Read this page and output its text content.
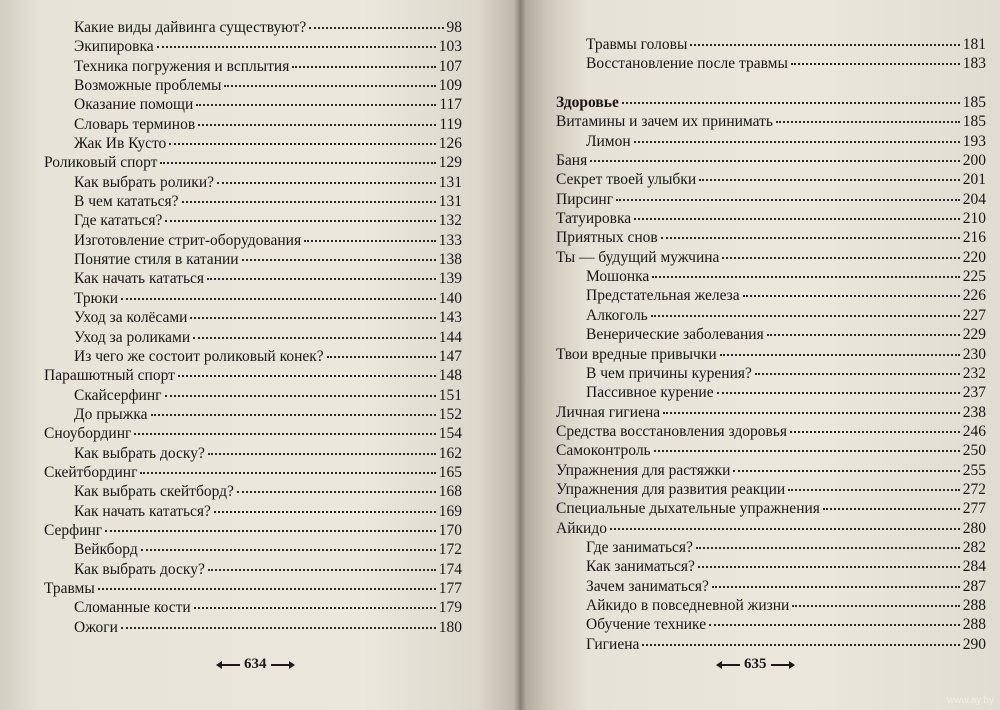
Какие виды дайвинга существуют?	98
Экипировка	103
Техника погружения и всплытия	107
Возможные проблемы	109
Оказание помощи	117
Словарь терминов	119
Жак Ив Кусто	126
Роликовый спорт	129
Как выбрать ролики?	131
В чем кататься?	131
Где кататься?	132
Изготовление стрит-оборудования	133
Понятие стиля в катании	138
Как начать кататься	139
Трюки	140
Уход за колёсами	143
Уход за роликами	144
Из чего же состоит роликовый конек?	147
Парашютный спорт	148
Скайсерфинг	151
До прыжка	152
Сноубординг	154
Как выбрать доску?	162
Скейтбординг	165
Как выбрать скейтборд?	168
Как начать кататься?	169
Серфинг	170
Вейкборд	172
Как выбрать доску?	174
Травмы	177
Сломанные кости	179
Ожоги	180
634
Травмы головы	181
Восстановление после травмы	183
Здоровье	185
Витамины и зачем их принимать	185
Лимон	193
Баня	200
Секрет твоей улыбки	201
Пирсинг	204
Татуировка	210
Приятных снов	216
Ты — будущий мужчина	220
Мошонка	225
Предстательная железа	226
Алкоголь	227
Венерические заболевания	229
Твои вредные привычки	230
В чем причины курения?	232
Пассивное курение	237
Личная гигиена	238
Средства восстановления здоровья	246
Самоконтроль	250
Упражнения для растяжки	255
Упражнения для развития реакции	272
Специальные дыхательные упражнения	277
Айкидо	280
Где заниматься?	282
Как заниматься?	284
Зачем заниматься?	287
Айкидо в повседневной жизни	288
Обучение технике	288
Гигиена	290
635
www.ay.by
